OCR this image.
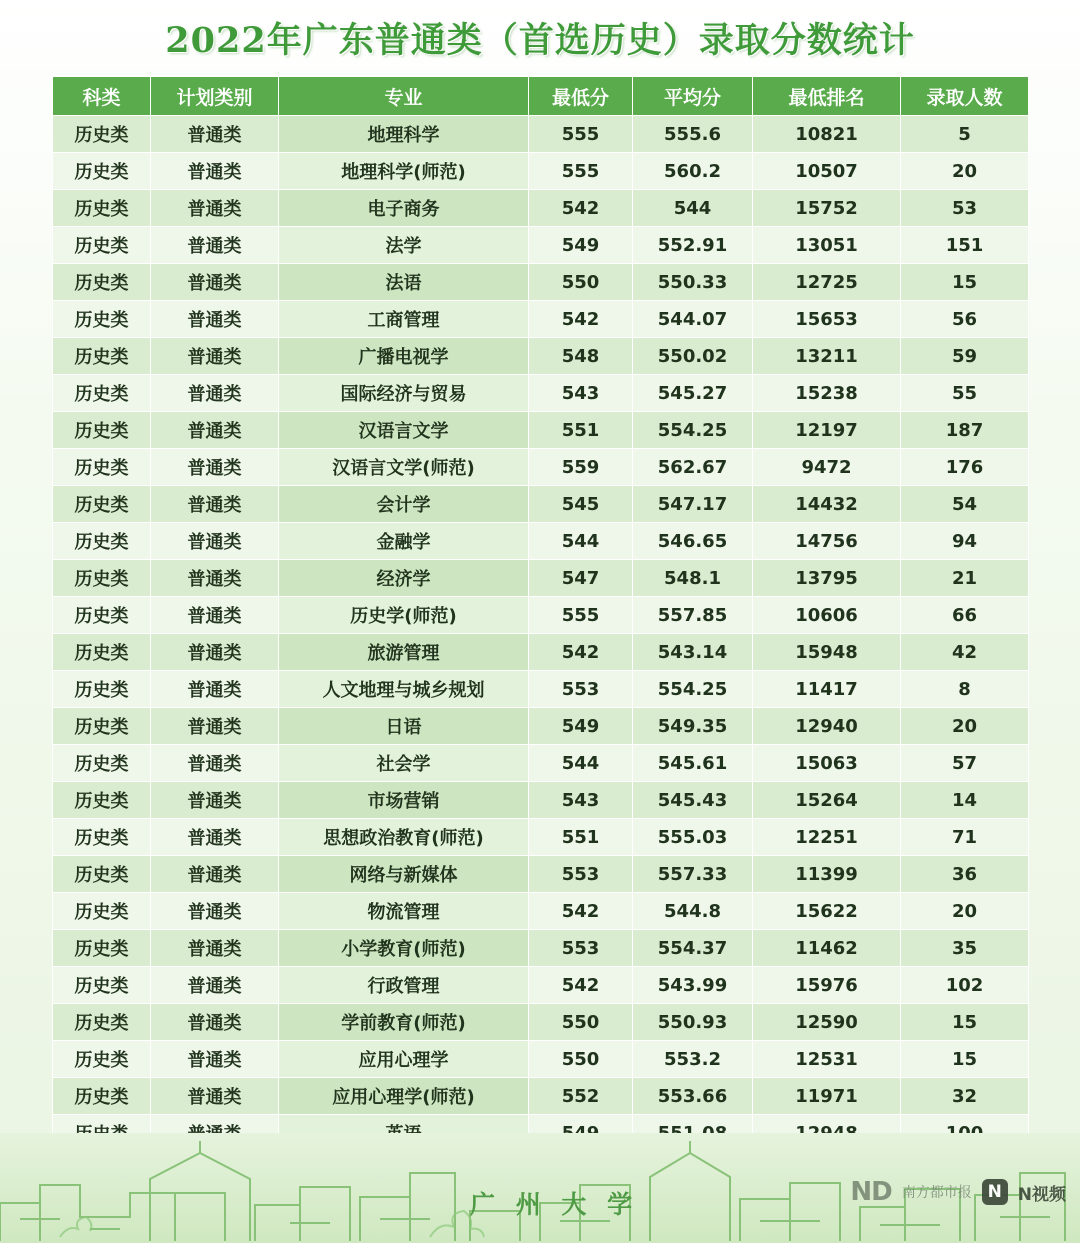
2022年广东普通类（首选历史）录取分数统计
科类	计划类别	专业	最低分	平均分	最低排名	录取人数
历史类	普通类	地理科学	555	555.6	10821	5
历史类	普通类	地理科学(师范)	555	560.2	10507	20
历史类	普通类	电子商务	542	544	15752	53
历史类	普通类	法学	549	552.91	13051	151
历史类	普通类	法语	550	550.33	12725	15
历史类	普通类	工商管理	542	544.07	15653	56
历史类	普通类	广播电视学	548	550.02	13211	59
历史类	普通类	国际经济与贸易	543	545.27	15238	55
历史类	普通类	汉语言文学	551	554.25	12197	187
历史类	普通类	汉语言文学(师范)	559	562.67	9472	176
历史类	普通类	会计学	545	547.17	14432	54
历史类	普通类	金融学	544	546.65	14756	94
历史类	普通类	经济学	547	548.1	13795	21
历史类	普通类	历史学(师范)	555	557.85	10606	66
历史类	普通类	旅游管理	542	543.14	15948	42
历史类	普通类	人文地理与城乡规划	553	554.25	11417	8
历史类	普通类	日语	549	549.35	12940	20
历史类	普通类	社会学	544	545.61	15063	57
历史类	普通类	市场营销	543	545.43	15264	14
历史类	普通类	思想政治教育(师范)	551	555.03	12251	71
历史类	普通类	网络与新媒体	553	557.33	11399	36
历史类	普通类	物流管理	542	544.8	15622	20
历史类	普通类	小学教育(师范)	553	554.37	11462	35
历史类	普通类	行政管理	542	543.99	15976	102
历史类	普通类	学前教育(师范)	550	550.93	12590	15
历史类	普通类	应用心理学	550	553.2	12531	15
历史类	普通类	应用心理学(师范)	552	553.66	11971	32

广 州 大 学	ND 南方都市报 N N视频
